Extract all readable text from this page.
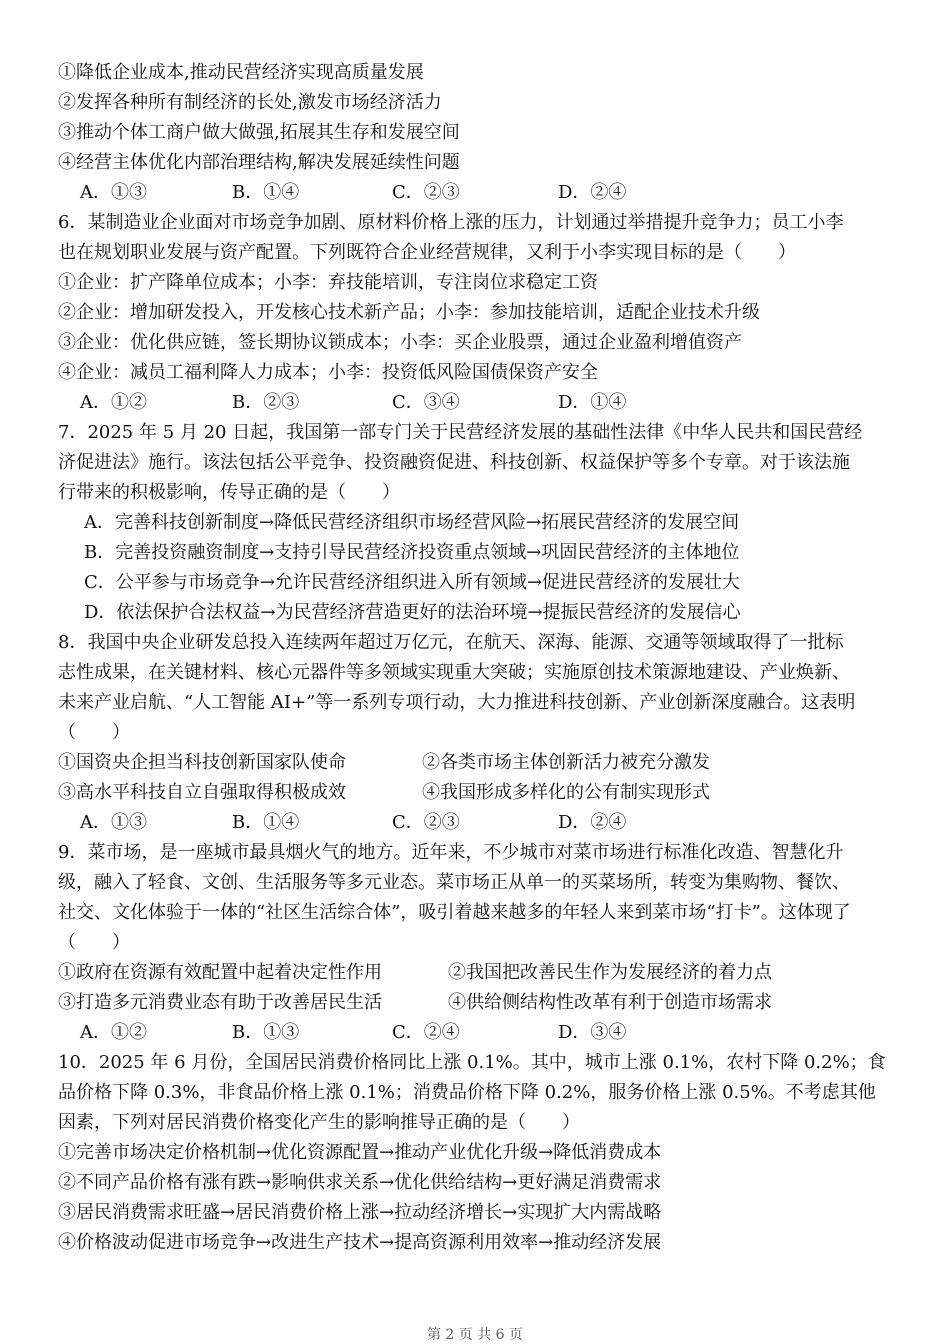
①降低企业成本,推动民营经济实现高质量发展
②发挥各种所有制经济的长处,激发市场经济活力
③推动个体工商户做大做强,拓展其生存和发展空间
④经营主体优化内部治理结构,解决发展延续性问题
A．①③	B．①④	C．②③	D．②④
6．某制造业企业面对市场竞争加剧、原材料价格上涨的压力，计划通过举措提升竞争力；员工小李
也在规划职业发展与资产配置。下列既符合企业经营规律，又利于小李实现目标的是（　　）
①企业：扩产降单位成本；小李：弃技能培训，专注岗位求稳定工资
②企业：增加研发投入，开发核心技术新产品；小李：参加技能培训，适配企业技术升级
③企业：优化供应链，签长期协议锁成本；小李：买企业股票，通过企业盈利增值资产
④企业：减员工福利降人力成本；小李：投资低风险国债保资产安全
A．①②	B．②③	C．③④	D．①④
7．2025 年 5 月 20 日起，我国第一部专门关于民营经济发展的基础性法律《中华人民共和国民营经
济促进法》施行。该法包括公平竞争、投资融资促进、科技创新、权益保护等多个专章。对于该法施
行带来的积极影响，传导正确的是（　　）
A．完善科技创新制度→降低民营经济组织市场经营风险→拓展民营经济的发展空间
B．完善投资融资制度→支持引导民营经济投资重点领域→巩固民营经济的主体地位
C．公平参与市场竞争→允许民营经济组织进入所有领域→促进民营经济的发展壮大
D．依法保护合法权益→为民营经济营造更好的法治环境→提振民营经济的发展信心
8．我国中央企业研发总投入连续两年超过万亿元，在航天、深海、能源、交通等领域取得了一批标
志性成果，在关键材料、核心元器件等多领域实现重大突破；实施原创技术策源地建设、产业焕新、
未来产业启航、“人工智能 AI+”等一系列专项行动，大力推进科技创新、产业创新深度融合。这表明
（　　）
①国资央企担当科技创新国家队使命	②各类市场主体创新活力被充分激发
③高水平科技自立自强取得积极成效	④我国形成多样化的公有制实现形式
A．①③	B．①④	C．②③	D．②④
9．菜市场，是一座城市最具烟火气的地方。近年来，不少城市对菜市场进行标准化改造、智慧化升
级，融入了轻食、文创、生活服务等多元业态。菜市场正从单一的买菜场所，转变为集购物、餐饮、
社交、文化体验于一体的“社区生活综合体”，吸引着越来越多的年轻人来到菜市场“打卡”。这体现了
（　　）
①政府在资源有效配置中起着决定性作用	②我国把改善民生作为发展经济的着力点
③打造多元消费业态有助于改善居民生活	④供给侧结构性改革有利于创造市场需求
A．①②	B．①③	C．②④	D．③④
10．2025 年 6 月份，全国居民消费价格同比上涨 0.1%。其中，城市上涨 0.1%，农村下降 0.2%；食
品价格下降 0.3%，非食品价格上涨 0.1%；消费品价格下降 0.2%，服务价格上涨 0.5%。不考虑其他
因素，下列对居民消费价格变化产生的影响推导正确的是（　　）
①完善市场决定价格机制→优化资源配置→推动产业优化升级→降低消费成本
②不同产品价格有涨有跌→影响供求关系→优化供给结构→更好满足消费需求
③居民消费需求旺盛→居民消费价格上涨→拉动经济增长→实现扩大内需战略
④价格波动促进市场竞争→改进生产技术→提高资源利用效率→推动经济发展
第 2 页 共 6 页
